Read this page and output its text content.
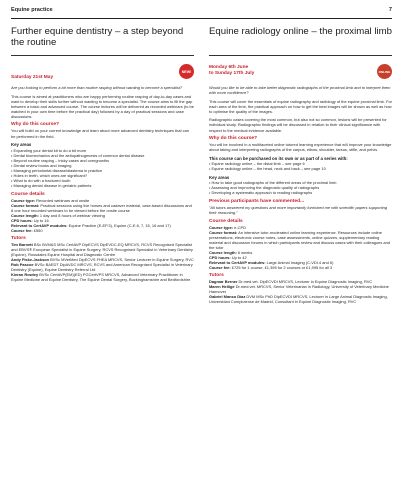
Equine practice	7
Further equine dentistry – a step beyond the routine
Saturday 21st May
NEW!

Are you looking to perform a bit more than routine rasping without wanting to become a specialist?

This course is aimed at practitioners who are happy performing routine rasping of day-to-day cases and want to develop their skills further without wanting to become a specialist. The course aims to fill the gap between a basic and advanced course. The course lectures will be delivered as recorded webinars (to be watched in your own time before the practical day) followed by a day of practical sessions and case discussions.

Why do this course?

You will build on your current knowledge and learn about more advanced dentistry techniques that can be performed in the field.

Key areas
• Expanding your dental kit to do a bit more
• Dental biomechanics and the aetiopathogenesis of common dental disease
• Beyond routine rasping – tricky cases and overgrowths
• Dental review books and imaging
• Managing periodontal disease/diastema in practice
• Holes in teeth, which ones are significant?
• What to do with a fractured tooth
• Managing dental disease in geriatric patients
Course details
Course type: Recorded webinars and onsite
Course format: Practical sessions using live horses and cadaver material, case-based discussions and 8 one hour recorded webinars to be viewed before the onsite course
Course length: 1 day and 8 hours of webinar viewing
CPD hours: Up to 16
Relevant to CertAVP modules: Equine Practice (E-EP.3), Equine (C-E.6, 7, 15, 16 and 17)
Course fee: £550
Tutors
Tim Barnett BSc BVM&S MSc CertAVP DipECVS DipEVDC-EQ MRCVS, RCVS Recognised Specialist and EBVS® European Specialist in Equine Surgery, RCVS Recognised Specialist in Veterinary Dentistry (Equine), Rossdales Equine Hospital and Diagnostic Centre
Andy Fiske-Jackson BVSc MVetMed DipECVS FHEA MRCVS, Senior Lecturer in Equine Surgery, RVC
Rob Pascoe BVSc BAEDT DipAVDC MRCVS, RCVS and American Recognised Specialist in Veterinary Dentistry (Equine), Equine Dentistry Referral Ltd
Kieran Rowley BVSc CertAVP(EM)(ED) PGCertVPS MRCVS, Advanced Veterinary Practitioner in Equine Medicine and Equine Dentistry, The Equine Dental Surgery, Buckinghamshire and Bedfordshire
Equine radiology online – the proximal limb
Monday 6th June
to Sunday 17th July	ONLINE

Would you like to be able to take better diagnostic radiographs of the proximal limb and to interpret them with more confidence?

This course will cover the essentials of equine radiography and radiology of the equine proximal limb. For each area of the limb, the practical approach on how to get the best images will be shown as well as how to optimise the quality of the images.

Radiographic cases covering the most common, but also not so common, lesions will be presented for individual study. Radiographic findings will be discussed in relation to their clinical significance with respect to the medical evidence available.

Why do this course?

You will be involved in a multifaceted online tutored learning experience that will improve your knowledge about taking and interpreting radiographs of the carpus, elbow, shoulder, tarsus, stifle, and pelvis.

This course can be purchased on its own or as part of a series with:
• Equine radiology online – the distal limb – see page 6
• Equine radiology online – the head, neck and back – see page 10
Key areas
• How to take good radiographs of the different areas of the proximal limb
• Assessing and improving the diagnostic quality of radiographs
• Developing a systematic approach to reading radiographs
Previous participants have commented...

"All tutors answered my questions and more importantly furnished me with scientific papers supporting their reasoning."

Course details
Course type: e-CPD
Course format: An intensive tutor-moderated online learning experience. Resources include online presentations, electronic course notes, case assessments, online quizzes, supplementary reading material and discussion forums in which participants review and discuss cases with their colleagues and the tutor
Course length: 6 weeks
CPD hours: Up to 42
Relevant to CertAVP modules: Large Animal Imaging (C-VDI.4 and 6)
Course fee: £725 for 1 course, £1,395 for 2 courses or £1,995 for all 3
Tutors
Dagmar Berner Dr.med.vet. DipECVDI MRCVS, Lecturer in Equine Diagnostic Imaging, RVC
Maren Hellige Dr.med.vet. MRCVS, Senior Veterinarian in Radiology, University of Veterinary Medicine Hannover
Gabriel Manso Díaz DVM MSc PhD DipECVDI MRCVS, Lecturer in Large Animal Diagnostic Imaging, Universidad Complutense de Madrid, Consultant in Equine Diagnostic Imaging, RVC
